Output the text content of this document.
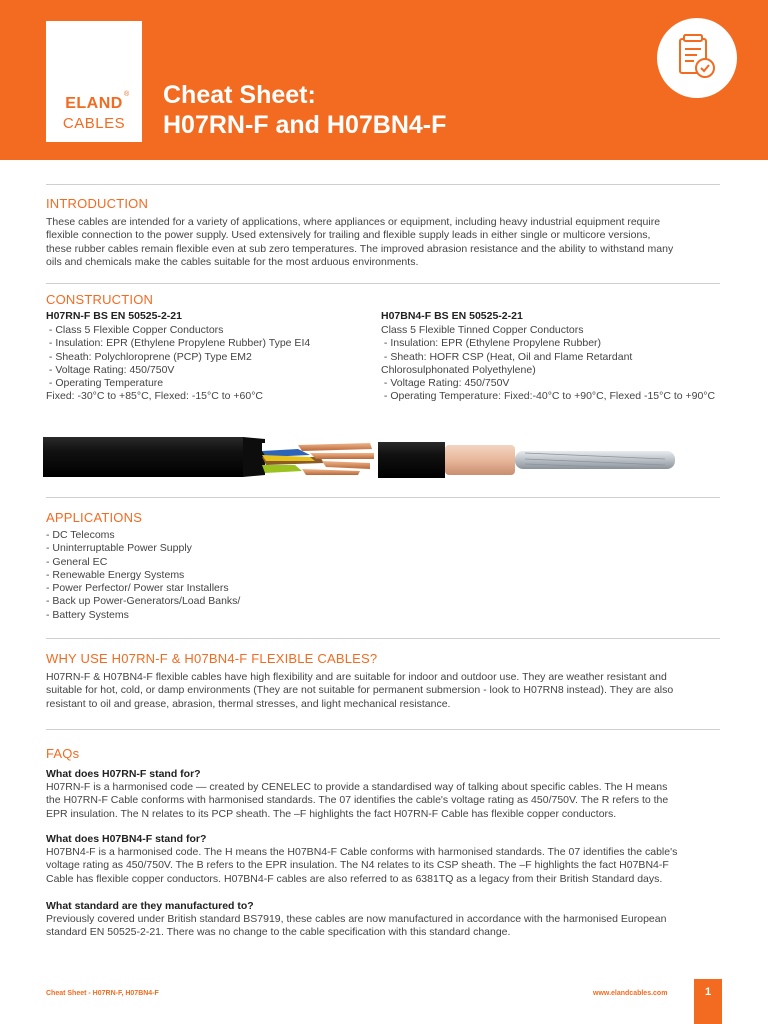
ELAND
®
CABLES
Cheat Sheet:
H07RN-F and H07BN4-F
INTRODUCTION
These cables are intended for a variety of applications, where appliances or equipment, including heavy industrial equipment require
flexible connection to the power supply. Used extensively for trailing and flexible supply leads in either single or multicore versions,
these rubber cables remain flexible even at sub zero temperatures. The improved abrasion resistance and the ability to withstand many
oils and chemicals make the cables suitable for the most arduous environments.
CONSTRUCTION
H07RN-F BS EN 50525-2-21
- Class 5 Flexible Copper Conductors
- Insulation: EPR (Ethylene Propylene Rubber) Type EI4
- Sheath: Polychloroprene (PCP) Type EM2
- Voltage Rating: 450/750V
- Operating Temperature
Fixed: -30°C to +85°C, Flexed: -15°C to +60°C
H07BN4-F BS EN 50525-2-21
Class 5 Flexible Tinned Copper Conductors
- Insulation: EPR (Ethylene Propylene Rubber)
- Sheath: HOFR CSP (Heat, Oil and Flame Retardant
Chlorosulphonated Polyethylene)
- Voltage Rating: 450/750V
- Operating Temperature: Fixed:-40°C to +90°C, Flexed -15°C to +90°C
APPLICATIONS
- DC Telecoms
- Uninterruptable Power Supply
- General EC
- Renewable Energy Systems
- Power Perfector/ Power star Installers
- Back up Power-Generators/Load Banks/
- Battery Systems
WHY USE H07RN-F & H07BN4-F FLEXIBLE CABLES?
H07RN-F & H07BN4-F flexible cables have high flexibility and are suitable for indoor and outdoor use. They are weather resistant and
suitable for hot, cold, or damp environments (They are not suitable for permanent submersion - look to H07RN8 instead). They are also
resistant to oil and grease, abrasion, thermal stresses, and light mechanical resistance.
FAQs
What does H07RN-F stand for?
H07RN-F is a harmonised code — created by CENELEC to provide a standardised way of talking about specific cables. The H means
the H07RN-F Cable conforms with harmonised standards. The 07 identifies the cable's voltage rating as 450/750V. The R refers to the
EPR insulation. The N relates to its PCP sheath. The –F highlights the fact H07RN-F Cable has flexible copper conductors.
What does H07BN4-F stand for?
H07BN4-F is a harmonised code. The H means the H07BN4-F Cable conforms with harmonised standards. The 07 identifies the cable's
voltage rating as 450/750V. The B refers to the EPR insulation. The N4 relates to its CSP sheath. The –F highlights the fact H07BN4-F
Cable has flexible copper conductors. H07BN4-F cables are also referred to as 6381TQ as a legacy from their British Standard days.
What standard are they manufactured to?
Previously covered under British standard BS7919, these cables are now manufactured in accordance with the harmonised European
standard EN 50525-2-21. There was no change to the cable specification with this standard change.
Cheat Sheet - H07RN-F, H07BN4-F	www.elandcables.com	1
